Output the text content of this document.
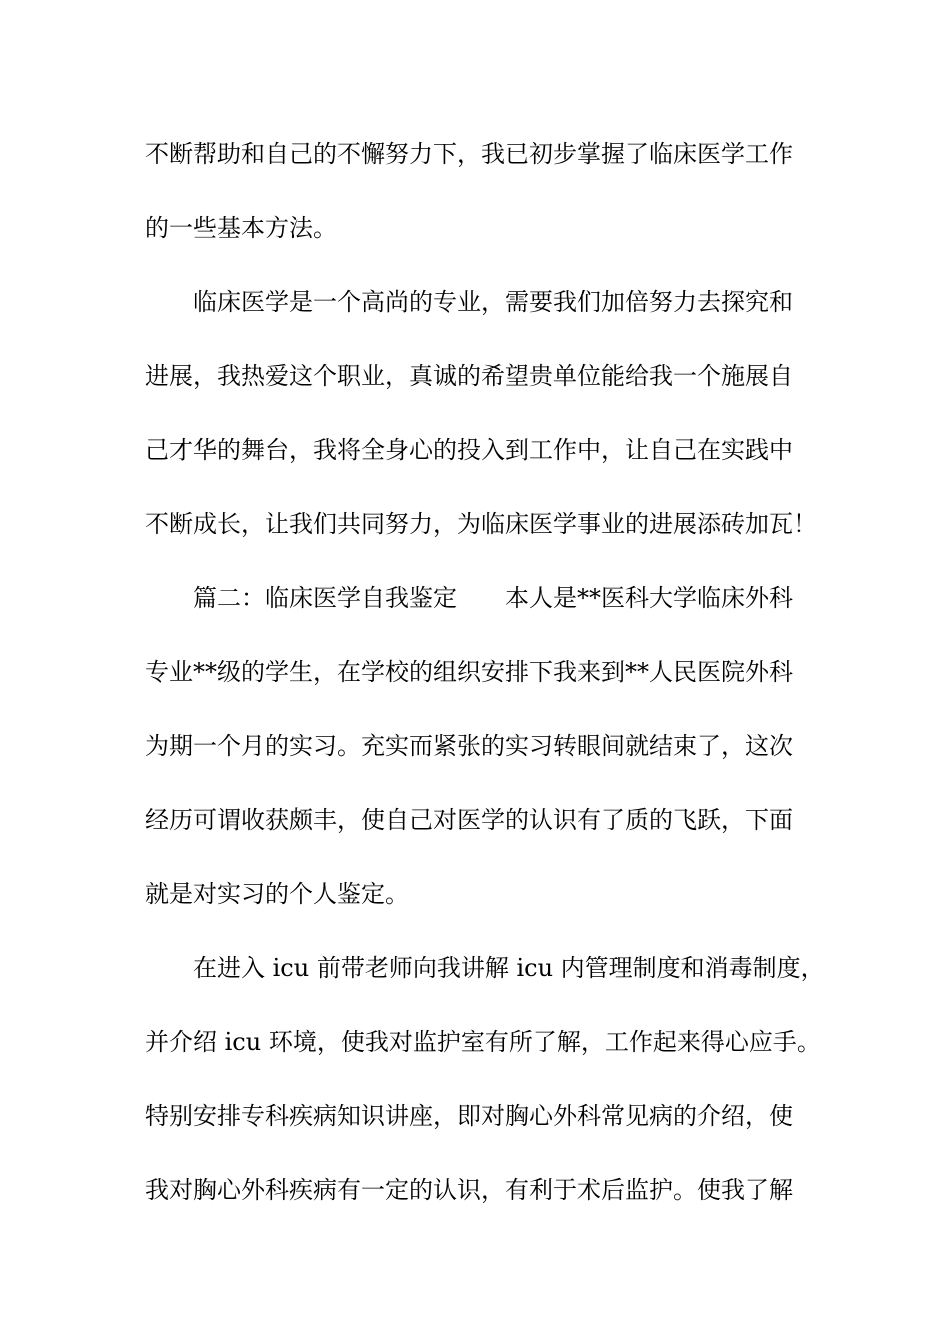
不断帮助和自己的不懈努力下，我已初步掌握了临床医学工作

的一些基本方法。

临床医学是一个高尚的专业，需要我们加倍努力去探究和

进展，我热爱这个职业，真诚的希望贵单位能给我一个施展自

己才华的舞台，我将全身心的投入到工作中，让自己在实践中

不断成长，让我们共同努力，为临床医学事业的进展添砖加瓦！

篇二：临床医学自我鉴定　　本人是**医科大学临床外科

专业**级的学生，在学校的组织安排下我来到**人民医院外科

为期一个月的实习。充实而紧张的实习转眼间就结束了，这次

经历可谓收获颇丰，使自己对医学的认识有了质的飞跃，下面

就是对实习的个人鉴定。

在进入 icu 前带老师向我讲解 icu 内管理制度和消毒制度，

并介绍 icu 环境，使我对监护室有所了解，工作起来得心应手。

特别安排专科疾病知识讲座，即对胸心外科常见病的介绍，使

我对胸心外科疾病有一定的认识，有利于术后监护。使我了解
